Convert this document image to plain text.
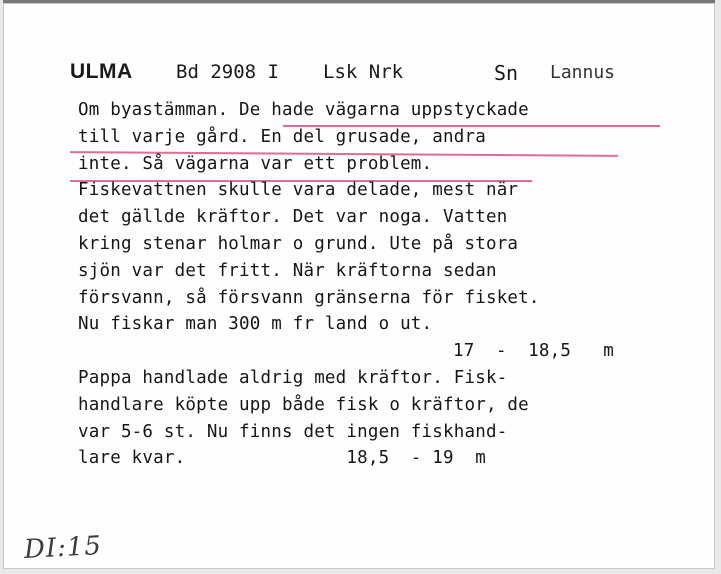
ULMA Bd 2908 I Lsk Nrk	Sn Lannus
Om byastämman. De hade vägarna uppstyckade
till varje gård. En del grusade, andra
inte. Så vägarna var ett problem.
Fiskevattnen skulle vara delade, mest när
det gällde kräftor. Det var noga. Vatten
kring stenar holmar o grund. Ute på stora
sjön var det fritt. När kräftorna sedan
försvann, så försvann gränserna för fisket.
Nu fiskar man 300 m fr land o ut.
17  -  18,5   m
Pappa handlade aldrig med kräftor. Fisk-
handlare köpte upp både fisk o kräftor, de
var 5-6 st. Nu finns det ingen fiskhand-
lare kvar.               18,5  - 19  m
DI:15
